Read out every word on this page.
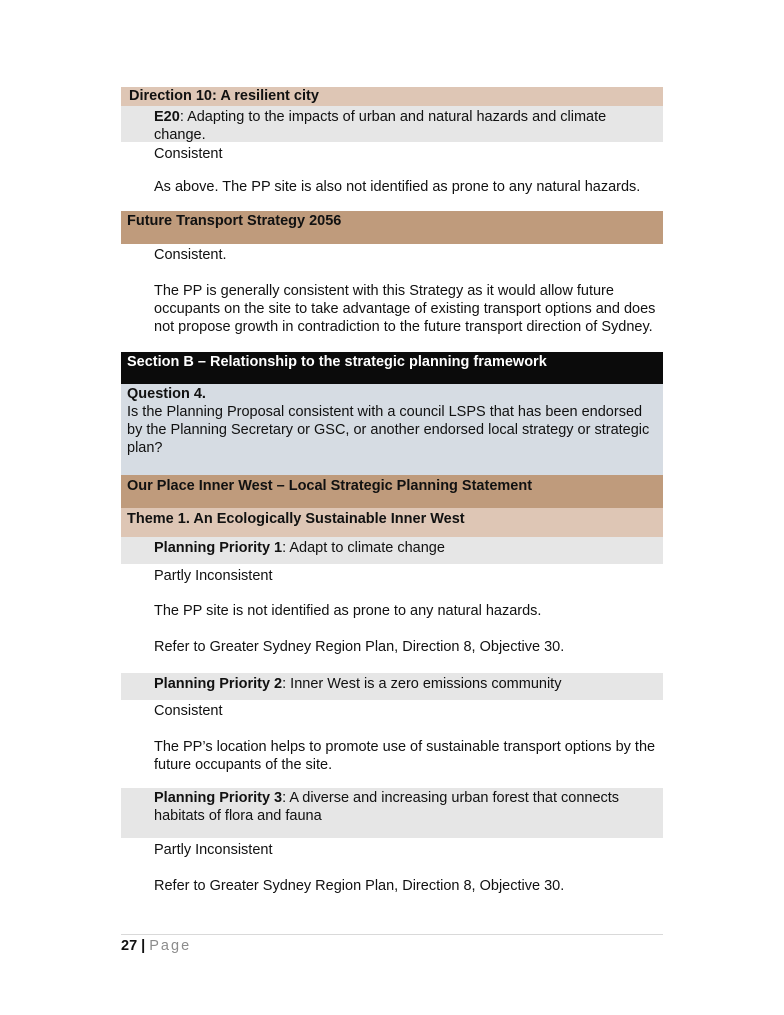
Direction 10: A resilient city
E20: Adapting to the impacts of urban and natural hazards and climate
change.
Consistent
As above. The PP site is also not identified as prone to any natural hazards.
Future Transport Strategy 2056
Consistent.
The PP is generally consistent with this Strategy as it would allow future
occupants on the site to take advantage of existing transport options and does
not propose growth in contradiction to the future transport direction of Sydney.
Section B – Relationship to the strategic planning framework
Question 4.
Is the Planning Proposal consistent with a council LSPS that has been endorsed
by the Planning Secretary or GSC, or another endorsed local strategy or strategic
plan?
Our Place Inner West – Local Strategic Planning Statement
Theme 1. An Ecologically Sustainable Inner West
Planning Priority 1: Adapt to climate change
Partly Inconsistent
The PP site is not identified as prone to any natural hazards.
Refer to Greater Sydney Region Plan, Direction 8, Objective 30.
Planning Priority 2: Inner West is a zero emissions community
Consistent
The PP’s location helps to promote use of sustainable transport options by the
future occupants of the site.
Planning Priority 3: A diverse and increasing urban forest that connects
habitats of flora and fauna
Partly Inconsistent
Refer to Greater Sydney Region Plan, Direction 8, Objective 30.
27 | Page
